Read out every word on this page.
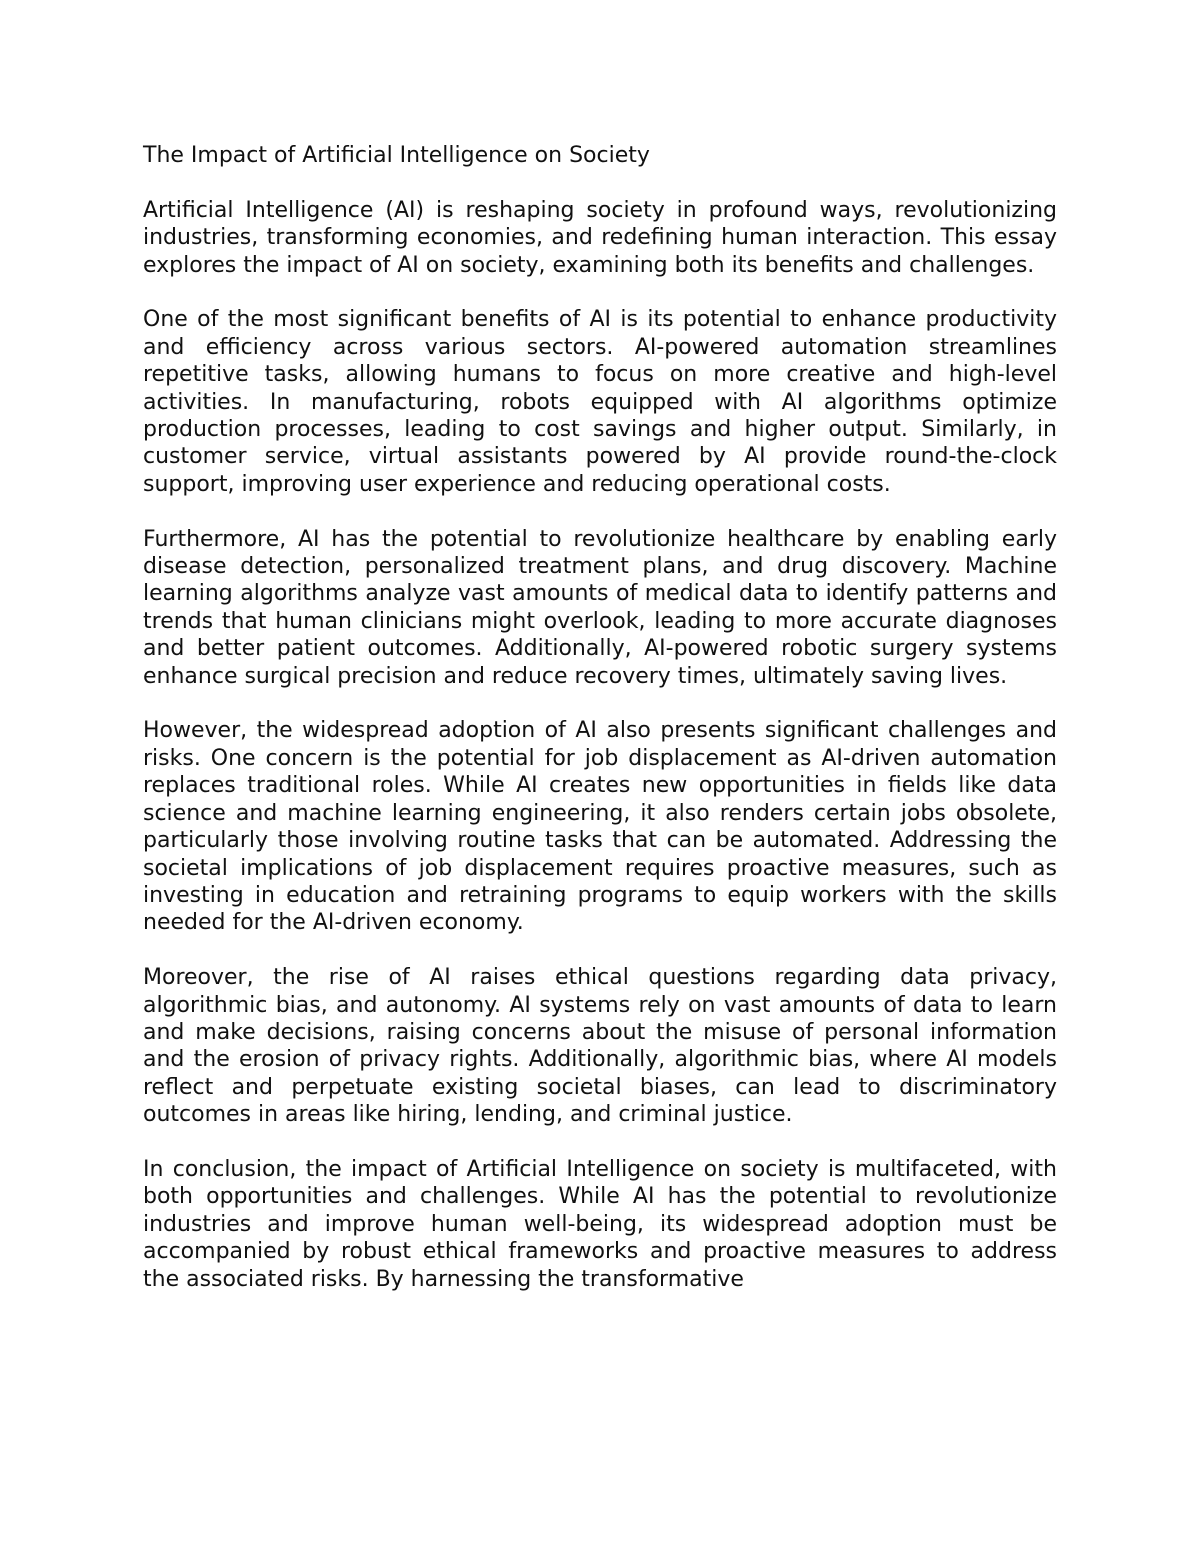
The Impact of Artificial Intelligence on Society

Artificial Intelligence (AI) is reshaping society in profound ways, revolutionizing industries, transforming economies, and redefining human interaction. This essay explores the impact of AI on society, examining both its benefits and challenges.

One of the most significant benefits of AI is its potential to enhance productivity and efficiency across various sectors. AI-powered automation streamlines repetitive tasks, allowing humans to focus on more creative and high-level activities. In manufacturing, robots equipped with AI algorithms optimize production processes, leading to cost savings and higher output. Similarly, in customer service, virtual assistants powered by AI provide round-the-clock support, improving user experience and reducing operational costs.

Furthermore, AI has the potential to revolutionize healthcare by enabling early disease detection, personalized treatment plans, and drug discovery. Machine learning algorithms analyze vast amounts of medical data to identify patterns and trends that human clinicians might overlook, leading to more accurate diagnoses and better patient outcomes. Additionally, AI-powered robotic surgery systems enhance surgical precision and reduce recovery times, ultimately saving lives.

However, the widespread adoption of AI also presents significant challenges and risks. One concern is the potential for job displacement as AI-driven automation replaces traditional roles. While AI creates new opportunities in fields like data science and machine learning engineering, it also renders certain jobs obsolete, particularly those involving routine tasks that can be automated. Addressing the societal implications of job displacement requires proactive measures, such as investing in education and retraining programs to equip workers with the skills needed for the AI-driven economy.

Moreover, the rise of AI raises ethical questions regarding data privacy, algorithmic bias, and autonomy. AI systems rely on vast amounts of data to learn and make decisions, raising concerns about the misuse of personal information and the erosion of privacy rights. Additionally, algorithmic bias, where AI models reflect and perpetuate existing societal biases, can lead to discriminatory outcomes in areas like hiring, lending, and criminal justice.

In conclusion, the impact of Artificial Intelligence on society is multifaceted, with both opportunities and challenges. While AI has the potential to revolutionize industries and improve human well-being, its widespread adoption must be accompanied by robust ethical frameworks and proactive measures to address the associated risks. By harnessing the transformative
